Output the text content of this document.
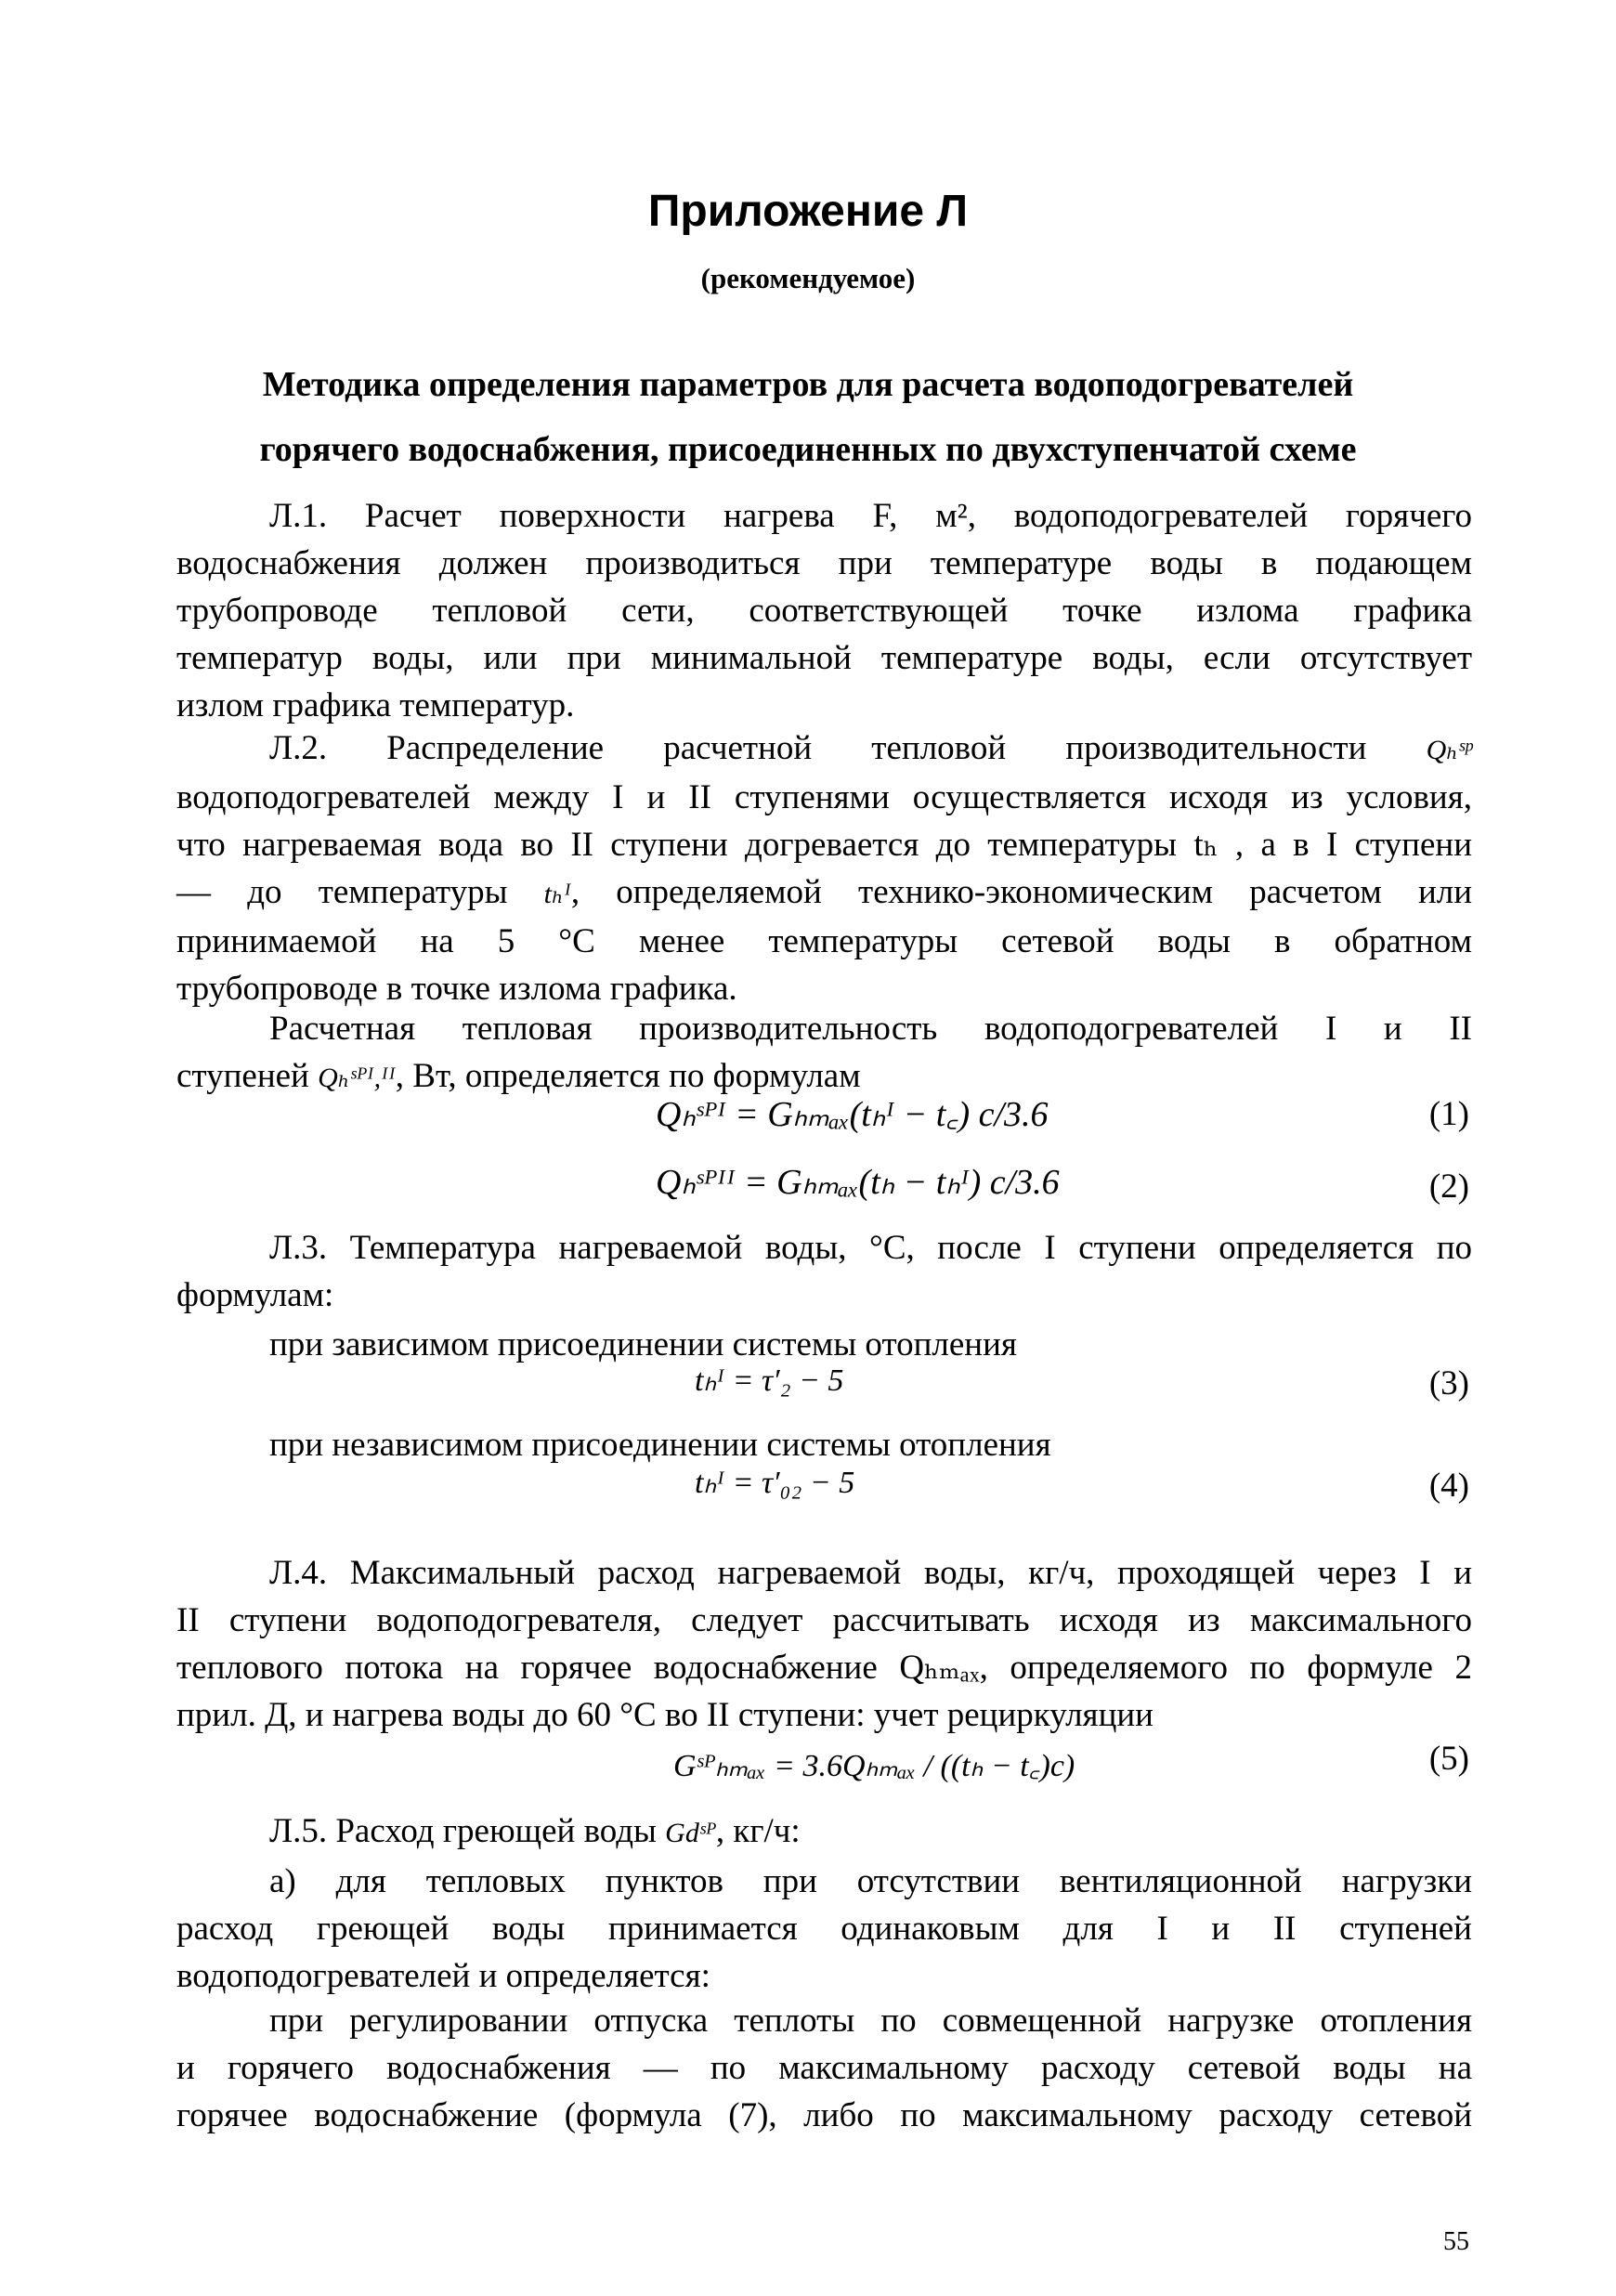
Приложение Л
(рекомендуемое)
Методика определения параметров для расчета водоподогревателей
горячего водоснабжения, присоединенных по двухступенчатой схеме
Л.1. Расчет поверхности нагрева F, м², водоподогревателей горячего
водоснабжения должен производиться при температуре воды в подающем
трубопроводе тепловой сети, соответствующей точке излома графика
температур воды, или при минимальной температуре воды, если отсутствует
излом графика температур.
Л.2. Распределение расчетной тепловой производительности Qₕˢᵖ
водоподогревателей между I и II ступенями осуществляется исходя из условия,
что нагреваемая вода во II ступени догревается до температуры tₕ , а в I ступени
— до температуры tₕᴵ, определяемой технико-экономическим расчетом или
принимаемой на 5 °С менее температуры сетевой воды в обратном
трубопроводе в точке излома графика.
Расчетная тепловая производительность водоподогревателей I и II
ступеней Qₕˢᴾᴵ,ᴵᴵ, Вт, определяется по формулам
Qₕˢᴾᴵ = Gₕₘₐₓ(tₕᴵ − t꜀) c/3.6	(1)
Qₕˢᴾᴵᴵ = Gₕₘₐₓ(tₕ − tₕᴵ) c/3.6	(2)
Л.3. Температура нагреваемой воды, °С, после I ступени определяется по
формулам:
при зависимом присоединении системы отопления
tₕᴵ = τ′₂ − 5	(3)
при независимом присоединении системы отопления
tₕᴵ = τ′₀₂ − 5	(4)
Л.4. Максимальный расход нагреваемой воды, кг/ч, проходящей через I и
II ступени водоподогревателя, следует рассчитывать исходя из максимального
теплового потока на горячее водоснабжение Qₕₘₐₓ, определяемого по формуле 2
прил. Д, и нагрева воды до 60 °С во II ступени: учет рециркуляции
Gˢᴾₕₘₐₓ = 3.6Qₕₘₐₓ / ((tₕ − t꜀)c)	(5)
Л.5. Расход греющей воды Gdˢᴾ, кг/ч:
а) для тепловых пунктов при отсутствии вентиляционной нагрузки
расход греющей воды принимается одинаковым для I и II ступеней
водоподогревателей и определяется:
при регулировании отпуска теплоты по совмещенной нагрузке отопления
и горячего водоснабжения — по максимальному расходу сетевой воды на
горячее водоснабжение (формула (7), либо по максимальному расходу сетевой
55
